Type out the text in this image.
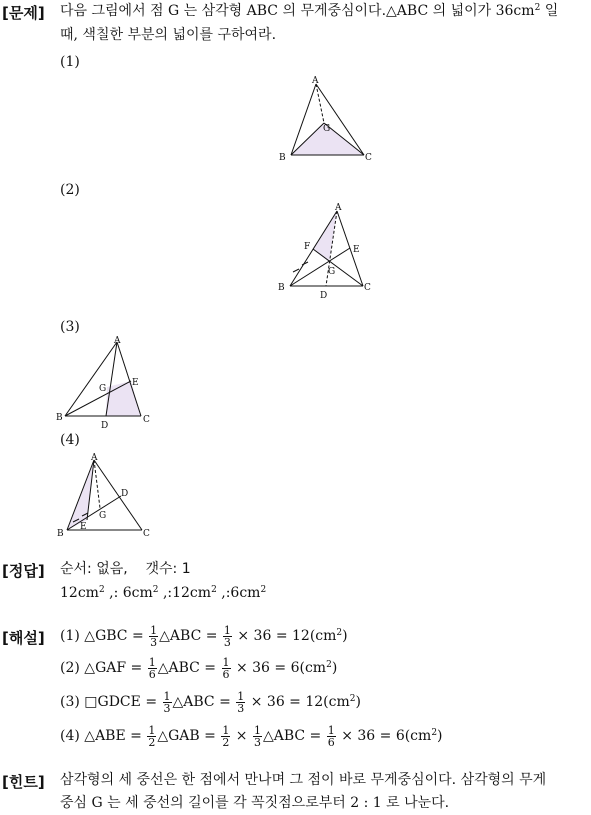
[문제] 다음 그림에서 점 G 는 삼각형 ABC 의 무게중심이다.△ABC 의 넓이가 $36cm^2$ 일
때, 색칠한 부분의 넓이를 구하여라.
(1)
A
B	C
G
(2)
A
B	C
D
E
F
G
(3)
A
B	C
D
E
G
(4)
A
B	C
D
E
G
[정답] 순서: 없음,    갯수: 1
$12cm^2$ ,: $6cm^2$ $,:12cm^2$ $,:6cm^2$
[해설] (1) △GBC = $\frac{1}{3}$ △ABC = $\frac{1}{3} \times 36 = 12(cm^2)$
(2) △GAF = $\frac{1}{6}$ △ABC = $\frac{1}{6} \times 36 = 6(cm^2)$
(3) □GDCE = $\frac{1}{3}$ △ABC = $\frac{1}{3} \times 36 = 12(cm^2)$
(4) △ABE = $\frac{1}{2}$ △GAB = $\frac{1}{2} \times \frac{1}{3}$ △ABC = $\frac{1}{6} \times 36 = 6(cm^2)$
[힌트] 삼각형의 세 중선은 한 점에서 만나며 그 점이 바로 무게중심이다. 삼각형의 무게
중심 G 는 세 중선의 길이를 각 꼭짓점으로부터 2 : 1 로 나눈다.
